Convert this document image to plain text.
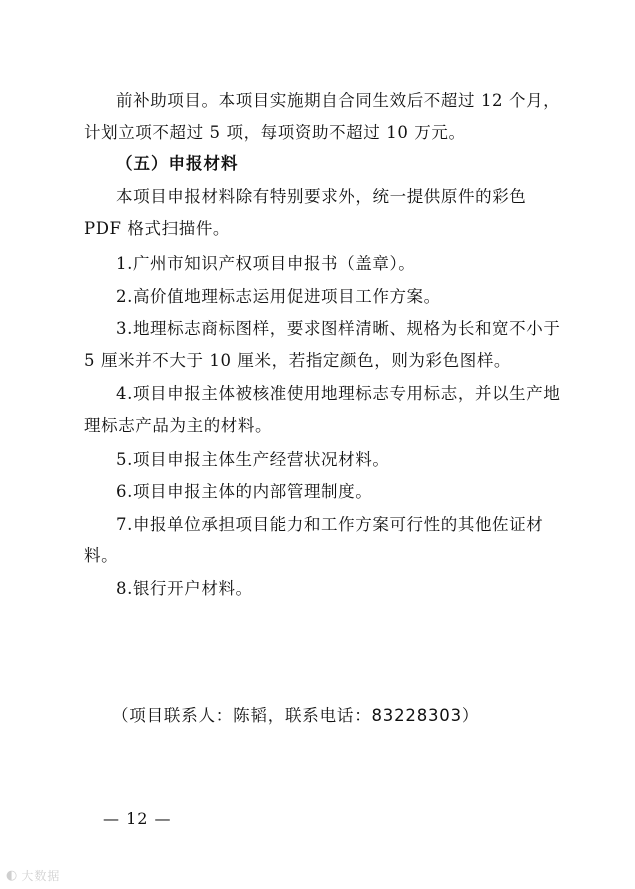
前补助项目。本项目实施期自合同生效后不超过 12 个月，
计划立项不超过 5 项，每项资助不超过 10 万元。
（五）申报材料
本项目申报材料除有特别要求外，统一提供原件的彩色
PDF 格式扫描件。
1.广州市知识产权项目申报书（盖章）。
2.高价值地理标志运用促进项目工作方案。
3.地理标志商标图样，要求图样清晰、规格为长和宽不小于
5 厘米并不大于 10 厘米，若指定颜色，则为彩色图样。
4.项目申报主体被核准使用地理标志专用标志，并以生产地
理标志产品为主的材料。
5.项目申报主体生产经营状况材料。
6.项目申报主体的内部管理制度。
7.申报单位承担项目能力和工作方案可行性的其他佐证材
料。
8.银行开户材料。
（项目联系人：陈韬，联系电话：83228303）
— 12 —
◐ 大数据
